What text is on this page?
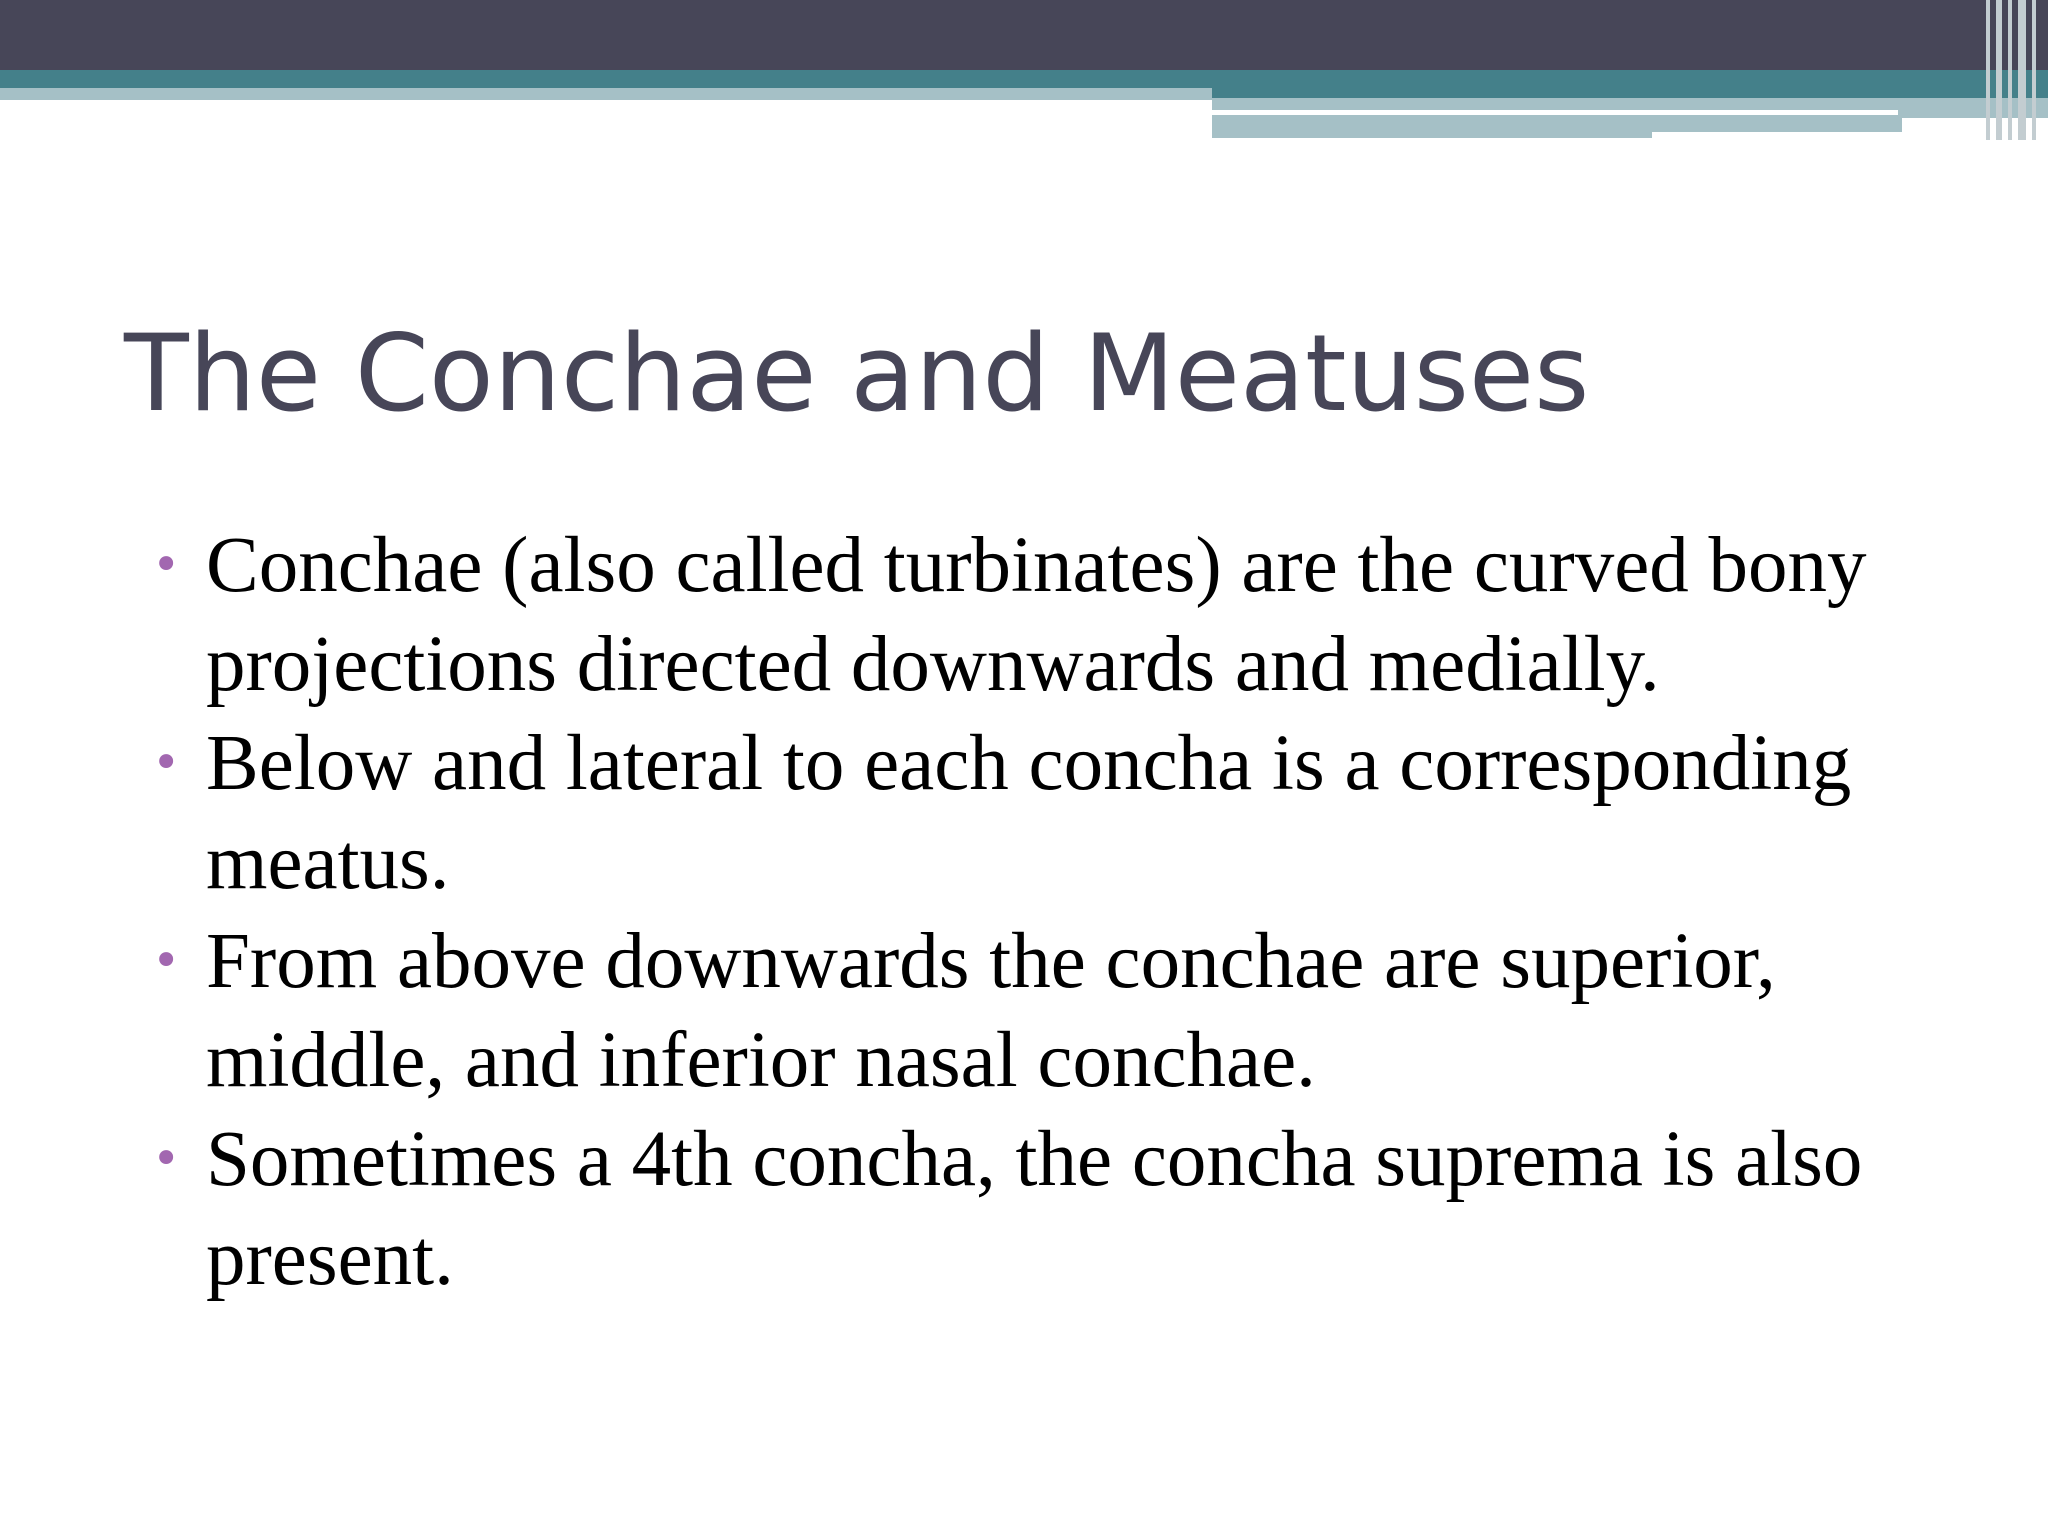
The Conchae and Meatuses
• Conchae (also called turbinates) are the curved bony projections directed downwards and medially.
• Below and lateral to each concha is a corresponding meatus.
• From above downwards the conchae are superior, middle, and inferior nasal conchae.
• Sometimes a 4th concha, the concha suprema is also present.
